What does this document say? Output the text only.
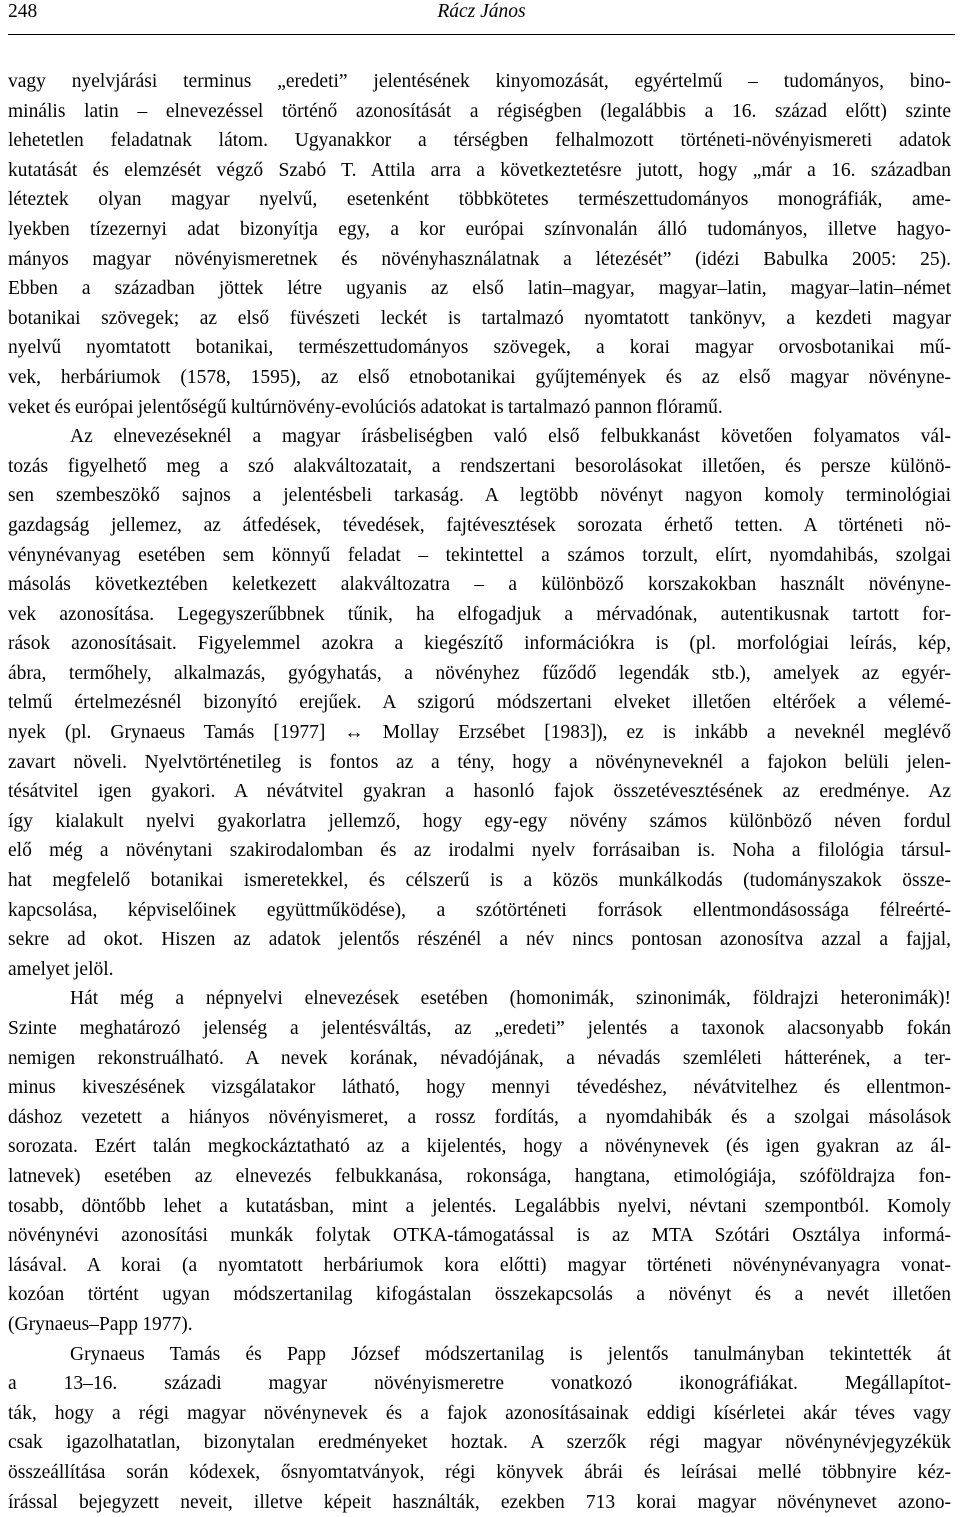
248	Rácz János
vagy nyelvjárási terminus „eredeti” jelentésének kinyomozását, egyértelmű – tudományos, bino-
minális latin – elnevezéssel történő azonosítását a régiségben (legalábbis a 16. század előtt) szinte
lehetetlen feladatnak látom. Ugyanakkor a térségben felhalmozott történeti-növényismereti adatok
kutatását és elemzését végző Szabó T. Attila arra a következtetésre jutott, hogy „már a 16. században
léteztek olyan magyar nyelvű, esetenként többkötetes természettudományos monográfiák, ame-
lyekben tízezernyi adat bizonyítja egy, a kor európai színvonalán álló tudományos, illetve hagyo-
mányos magyar növényismeretnek és növényhasználatnak a létezését” (idézi Babulka 2005: 25).
Ebben a században jöttek létre ugyanis az első latin–magyar, magyar–latin, magyar–latin–német
botanikai szövegek; az első füvészeti leckét is tartalmazó nyomtatott tankönyv, a kezdeti magyar
nyelvű nyomtatott botanikai, természettudományos szövegek, a korai magyar orvosbotanikai mű-
vek, herbáriumok (1578, 1595), az első etnobotanikai gyűjtemények és az első magyar növényne-
veket és európai jelentőségű kultúrnövény-evolúciós adatokat is tartalmazó pannon flóramű.
Az elnevezéseknél a magyar írásbeliségben való első felbukkanást követően folyamatos vál-
tozás figyelhető meg a szó alakváltozatait, a rendszertani besorolásokat illetően, és persze különö-
sen szembeszökő sajnos a jelentésbeli tarkaság. A legtöbb növényt nagyon komoly terminológiai
gazdagság jellemez, az átfedések, tévedések, fajtévesztések sorozata érhető tetten. A történeti nö-
vénynévanyag esetében sem könnyű feladat – tekintettel a számos torzult, elírt, nyomdahibás, szolgai
másolás következtében keletkezett alakváltozatra – a különböző korszakokban használt növényne-
vek azonosítása. Legegyszerűbbnek tűnik, ha elfogadjuk a mérvadónak, autentikusnak tartott for-
rások azonosításait. Figyelemmel azokra a kiegészítő információkra is (pl. morfológiai leírás, kép,
ábra, termőhely, alkalmazás, gyógyhatás, a növényhez fűződő legendák stb.), amelyek az egyér-
telmű értelmezésnél bizonyító erejűek. A szigorú módszertani elveket illetően eltérőek a vélemé-
nyek (pl. Grynaeus Tamás [1977] ↔ Mollay Erzsébet [1983]), ez is inkább a neveknél meglévő
zavart növeli. Nyelvtörténetileg is fontos az a tény, hogy a növényneveknél a fajokon belüli jelen-
tésátvitel igen gyakori. A névátvitel gyakran a hasonló fajok összetévesztésének az eredménye. Az
így kialakult nyelvi gyakorlatra jellemző, hogy egy-egy növény számos különböző néven fordul
elő még a növénytani szakirodalomban és az irodalmi nyelv forrásaiban is. Noha a filológia társul-
hat megfelelő botanikai ismeretekkel, és célszerű is a közös munkálkodás (tudományszakok össze-
kapcsolása, képviselőinek együttműködése), a szótörténeti források ellentmondásossága félreérté-
sekre ad okot. Hiszen az adatok jelentős részénél a név nincs pontosan azonosítva azzal a fajjal,
amelyet jelöl.
Hát még a népnyelvi elnevezések esetében (homonimák, szinonimák, földrajzi heteronimák)!
Szinte meghatározó jelenség a jelentésváltás, az „eredeti” jelentés a taxonok alacsonyabb fokán
nemigen rekonstruálható. A nevek korának, névadójának, a névadás szemléleti hátterének, a ter-
minus kiveszésének vizsgálatakor látható, hogy mennyi tévedéshez, névátvitelhez és ellentmon-
dáshoz vezetett a hiányos növényismeret, a rossz fordítás, a nyomdahibák és a szolgai másolások
sorozata. Ezért talán megkockáztatható az a kijelentés, hogy a növénynevek (és igen gyakran az ál-
latnevek) esetében az elnevezés felbukkanása, rokonsága, hangtana, etimológiája, szóföldrajza fon-
tosabb, döntőbb lehet a kutatásban, mint a jelentés. Legalábbis nyelvi, névtani szempontból. Komoly
növénynévi azonosítási munkák folytak OTKA-támogatással is az MTA Szótári Osztálya informá-
lásával. A korai (a nyomtatott herbáriumok kora előtti) magyar történeti növénynévanyagra vonat-
kozóan történt ugyan módszertanilag kifogástalan összekapcsolás a növényt és a nevét illetően
(Grynaeus–Papp 1977).
Grynaeus Tamás és Papp József módszertanilag is jelentős tanulmányban tekintették át
a 13–16. századi magyar növényismeretre vonatkozó ikonográfiákat. Megállapítot-
ták, hogy a régi magyar növénynevek és a fajok azonosításainak eddigi kísérletei akár téves vagy
csak igazolhatatlan, bizonytalan eredményeket hoztak. A szerzők régi magyar növénynévjegyzékük
összeállítása során kódexek, ősnyomtatványok, régi könyvek ábrái és leírásai mellé többnyire kéz-
írással bejegyzett neveit, illetve képeit használták, ezekben 713 korai magyar növénynevet azono-
